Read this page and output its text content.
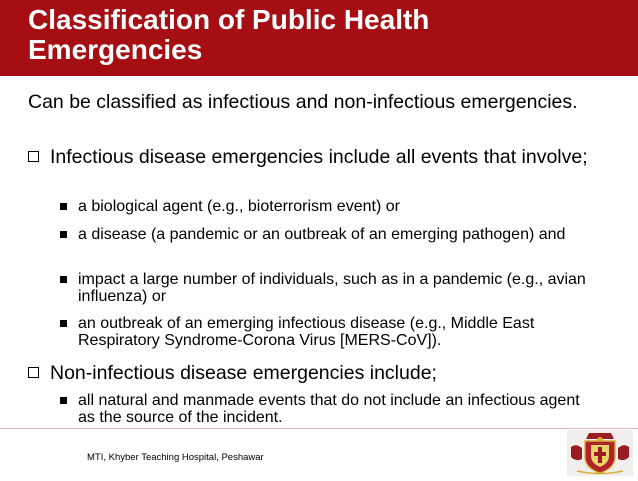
Classification of Public Health
Emergencies
Can be classified as infectious and non-infectious emergencies.
Infectious disease emergencies include all events that involve;
a biological agent (e.g., bioterrorism event) or
a disease (a pandemic or an outbreak of an emerging pathogen) and
impact a large number of individuals, such as in a pandemic (e.g., avian influenza) or
an outbreak of an emerging infectious disease (e.g., Middle East Respiratory Syndrome-Corona Virus [MERS-CoV]).
Non-infectious disease emergencies include;
all natural and manmade events that do not include an infectious agent as the source of the incident.
MTI, Khyber Teaching Hospital, Peshawar
